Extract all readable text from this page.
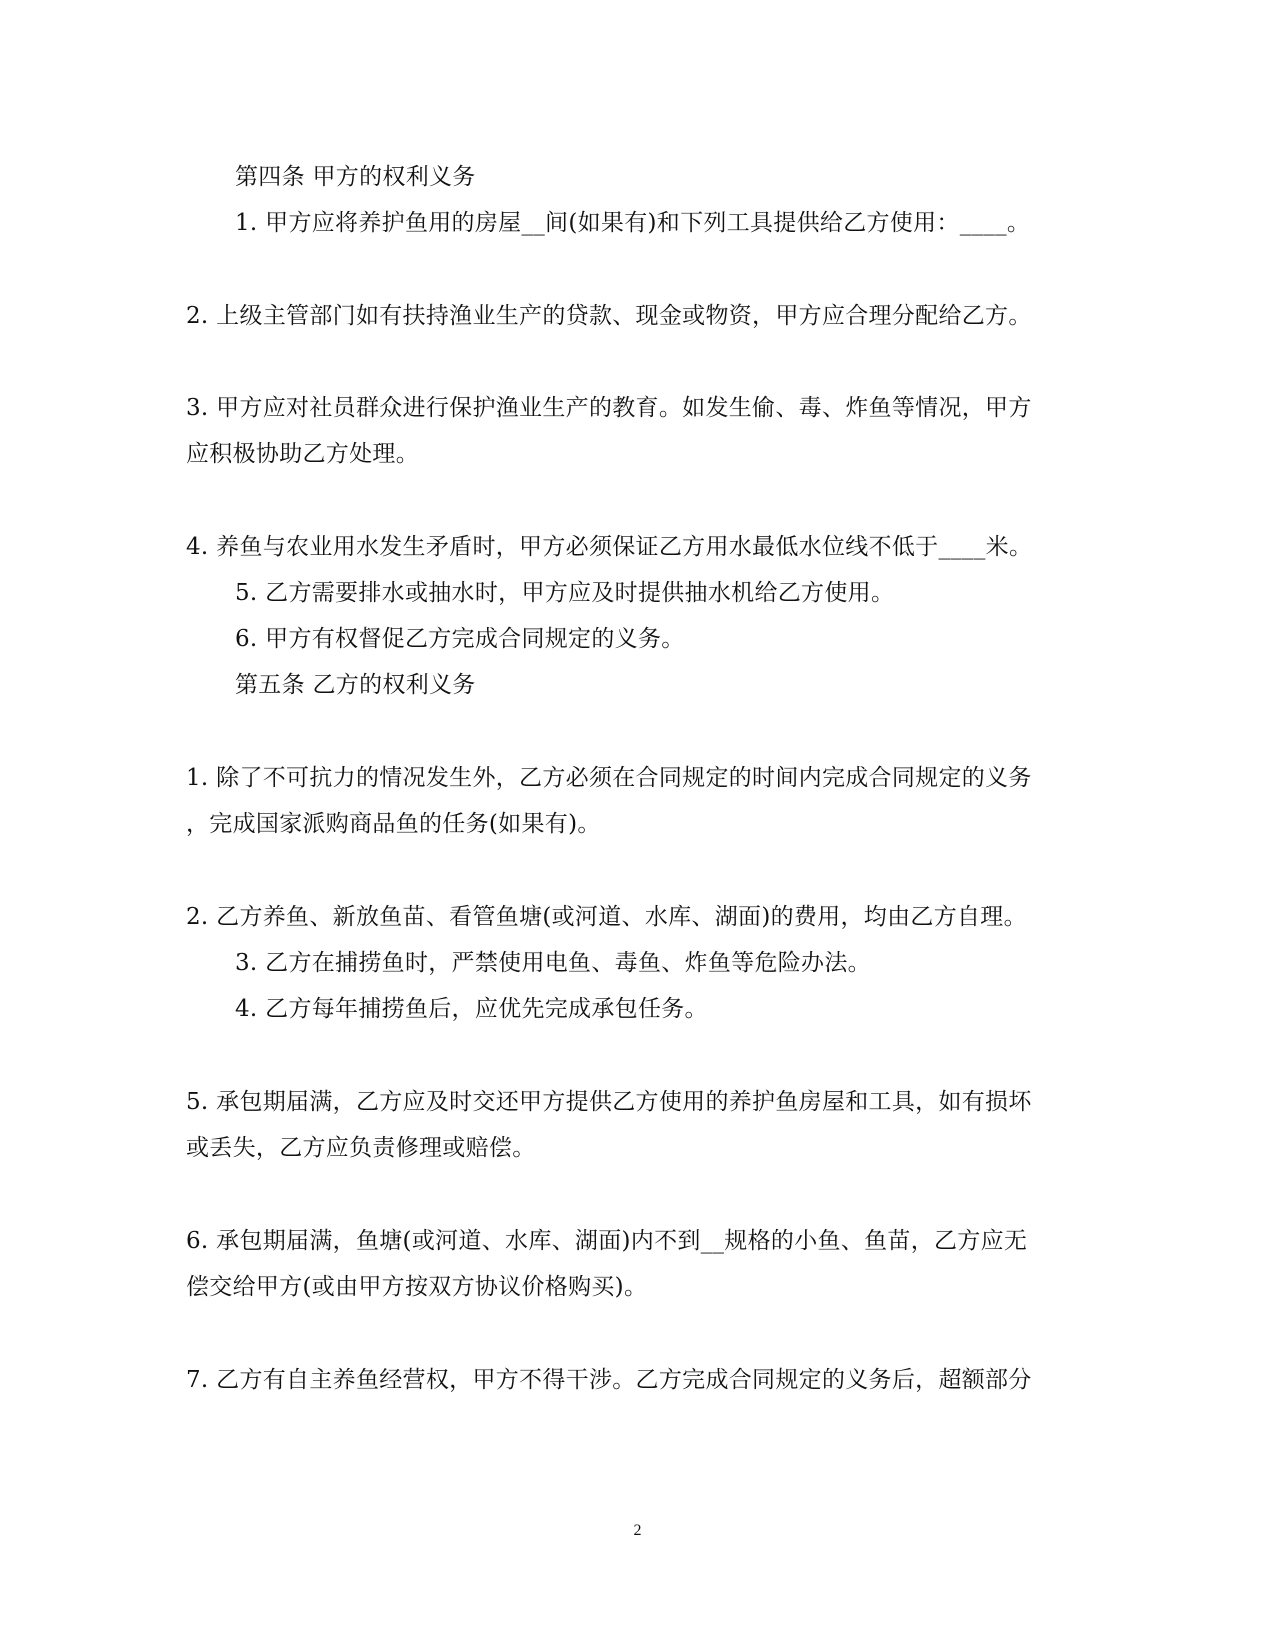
第四条 甲方的权利义务
1. 甲方应将养护鱼用的房屋__间(如果有)和下列工具提供给乙方使用：____。
2. 上级主管部门如有扶持渔业生产的贷款、现金或物资，甲方应合理分配给乙方。
3. 甲方应对社员群众进行保护渔业生产的教育。如发生偷、毒、炸鱼等情况，甲方
应积极协助乙方处理。
4. 养鱼与农业用水发生矛盾时，甲方必须保证乙方用水最低水位线不低于____米。
5. 乙方需要排水或抽水时，甲方应及时提供抽水机给乙方使用。
6. 甲方有权督促乙方完成合同规定的义务。
第五条 乙方的权利义务
1. 除了不可抗力的情况发生外，乙方必须在合同规定的时间内完成合同规定的义务
，完成国家派购商品鱼的任务(如果有)。
2. 乙方养鱼、新放鱼苗、看管鱼塘(或河道、水库、湖面)的费用，均由乙方自理。
3. 乙方在捕捞鱼时，严禁使用电鱼、毒鱼、炸鱼等危险办法。
4. 乙方每年捕捞鱼后，应优先完成承包任务。
5. 承包期届满，乙方应及时交还甲方提供乙方使用的养护鱼房屋和工具，如有损坏
或丢失，乙方应负责修理或赔偿。
6. 承包期届满，鱼塘(或河道、水库、湖面)内不到__规格的小鱼、鱼苗，乙方应无
偿交给甲方(或由甲方按双方协议价格购买)。
7. 乙方有自主养鱼经营权，甲方不得干涉。乙方完成合同规定的义务后，超额部分
2
